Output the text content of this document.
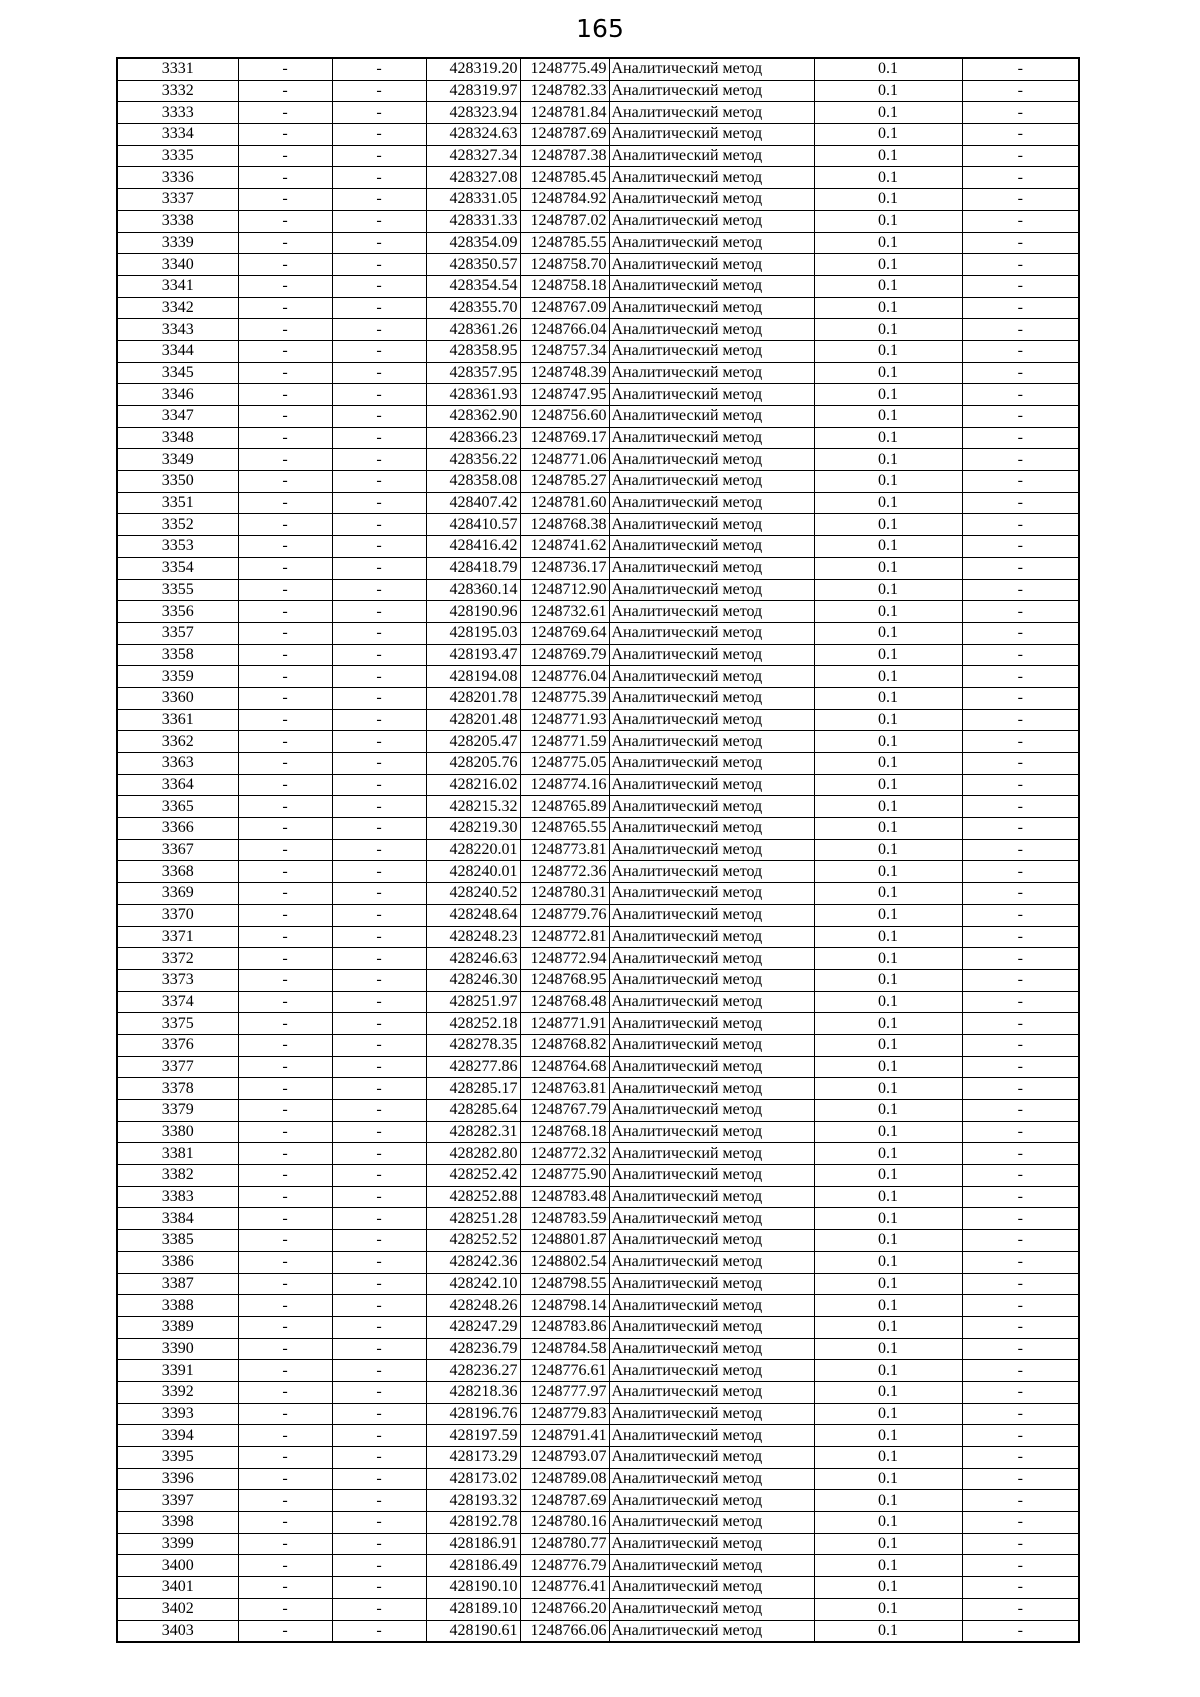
165
3331	-	-	428319.20	1248775.49	Аналитический метод	0.1	-
3332	-	-	428319.97	1248782.33	Аналитический метод	0.1	-
3333	-	-	428323.94	1248781.84	Аналитический метод	0.1	-
3334	-	-	428324.63	1248787.69	Аналитический метод	0.1	-
3335	-	-	428327.34	1248787.38	Аналитический метод	0.1	-
3336	-	-	428327.08	1248785.45	Аналитический метод	0.1	-
3337	-	-	428331.05	1248784.92	Аналитический метод	0.1	-
3338	-	-	428331.33	1248787.02	Аналитический метод	0.1	-
3339	-	-	428354.09	1248785.55	Аналитический метод	0.1	-
3340	-	-	428350.57	1248758.70	Аналитический метод	0.1	-
3341	-	-	428354.54	1248758.18	Аналитический метод	0.1	-
3342	-	-	428355.70	1248767.09	Аналитический метод	0.1	-
3343	-	-	428361.26	1248766.04	Аналитический метод	0.1	-
3344	-	-	428358.95	1248757.34	Аналитический метод	0.1	-
3345	-	-	428357.95	1248748.39	Аналитический метод	0.1	-
3346	-	-	428361.93	1248747.95	Аналитический метод	0.1	-
3347	-	-	428362.90	1248756.60	Аналитический метод	0.1	-
3348	-	-	428366.23	1248769.17	Аналитический метод	0.1	-
3349	-	-	428356.22	1248771.06	Аналитический метод	0.1	-
3350	-	-	428358.08	1248785.27	Аналитический метод	0.1	-
3351	-	-	428407.42	1248781.60	Аналитический метод	0.1	-
3352	-	-	428410.57	1248768.38	Аналитический метод	0.1	-
3353	-	-	428416.42	1248741.62	Аналитический метод	0.1	-
3354	-	-	428418.79	1248736.17	Аналитический метод	0.1	-
3355	-	-	428360.14	1248712.90	Аналитический метод	0.1	-
3356	-	-	428190.96	1248732.61	Аналитический метод	0.1	-
3357	-	-	428195.03	1248769.64	Аналитический метод	0.1	-
3358	-	-	428193.47	1248769.79	Аналитический метод	0.1	-
3359	-	-	428194.08	1248776.04	Аналитический метод	0.1	-
3360	-	-	428201.78	1248775.39	Аналитический метод	0.1	-
3361	-	-	428201.48	1248771.93	Аналитический метод	0.1	-
3362	-	-	428205.47	1248771.59	Аналитический метод	0.1	-
3363	-	-	428205.76	1248775.05	Аналитический метод	0.1	-
3364	-	-	428216.02	1248774.16	Аналитический метод	0.1	-
3365	-	-	428215.32	1248765.89	Аналитический метод	0.1	-
3366	-	-	428219.30	1248765.55	Аналитический метод	0.1	-
3367	-	-	428220.01	1248773.81	Аналитический метод	0.1	-
3368	-	-	428240.01	1248772.36	Аналитический метод	0.1	-
3369	-	-	428240.52	1248780.31	Аналитический метод	0.1	-
3370	-	-	428248.64	1248779.76	Аналитический метод	0.1	-
3371	-	-	428248.23	1248772.81	Аналитический метод	0.1	-
3372	-	-	428246.63	1248772.94	Аналитический метод	0.1	-
3373	-	-	428246.30	1248768.95	Аналитический метод	0.1	-
3374	-	-	428251.97	1248768.48	Аналитический метод	0.1	-
3375	-	-	428252.18	1248771.91	Аналитический метод	0.1	-
3376	-	-	428278.35	1248768.82	Аналитический метод	0.1	-
3377	-	-	428277.86	1248764.68	Аналитический метод	0.1	-
3378	-	-	428285.17	1248763.81	Аналитический метод	0.1	-
3379	-	-	428285.64	1248767.79	Аналитический метод	0.1	-
3380	-	-	428282.31	1248768.18	Аналитический метод	0.1	-
3381	-	-	428282.80	1248772.32	Аналитический метод	0.1	-
3382	-	-	428252.42	1248775.90	Аналитический метод	0.1	-
3383	-	-	428252.88	1248783.48	Аналитический метод	0.1	-
3384	-	-	428251.28	1248783.59	Аналитический метод	0.1	-
3385	-	-	428252.52	1248801.87	Аналитический метод	0.1	-
3386	-	-	428242.36	1248802.54	Аналитический метод	0.1	-
3387	-	-	428242.10	1248798.55	Аналитический метод	0.1	-
3388	-	-	428248.26	1248798.14	Аналитический метод	0.1	-
3389	-	-	428247.29	1248783.86	Аналитический метод	0.1	-
3390	-	-	428236.79	1248784.58	Аналитический метод	0.1	-
3391	-	-	428236.27	1248776.61	Аналитический метод	0.1	-
3392	-	-	428218.36	1248777.97	Аналитический метод	0.1	-
3393	-	-	428196.76	1248779.83	Аналитический метод	0.1	-
3394	-	-	428197.59	1248791.41	Аналитический метод	0.1	-
3395	-	-	428173.29	1248793.07	Аналитический метод	0.1	-
3396	-	-	428173.02	1248789.08	Аналитический метод	0.1	-
3397	-	-	428193.32	1248787.69	Аналитический метод	0.1	-
3398	-	-	428192.78	1248780.16	Аналитический метод	0.1	-
3399	-	-	428186.91	1248780.77	Аналитический метод	0.1	-
3400	-	-	428186.49	1248776.79	Аналитический метод	0.1	-
3401	-	-	428190.10	1248776.41	Аналитический метод	0.1	-
3402	-	-	428189.10	1248766.20	Аналитический метод	0.1	-
3403	-	-	428190.61	1248766.06	Аналитический метод	0.1	-
